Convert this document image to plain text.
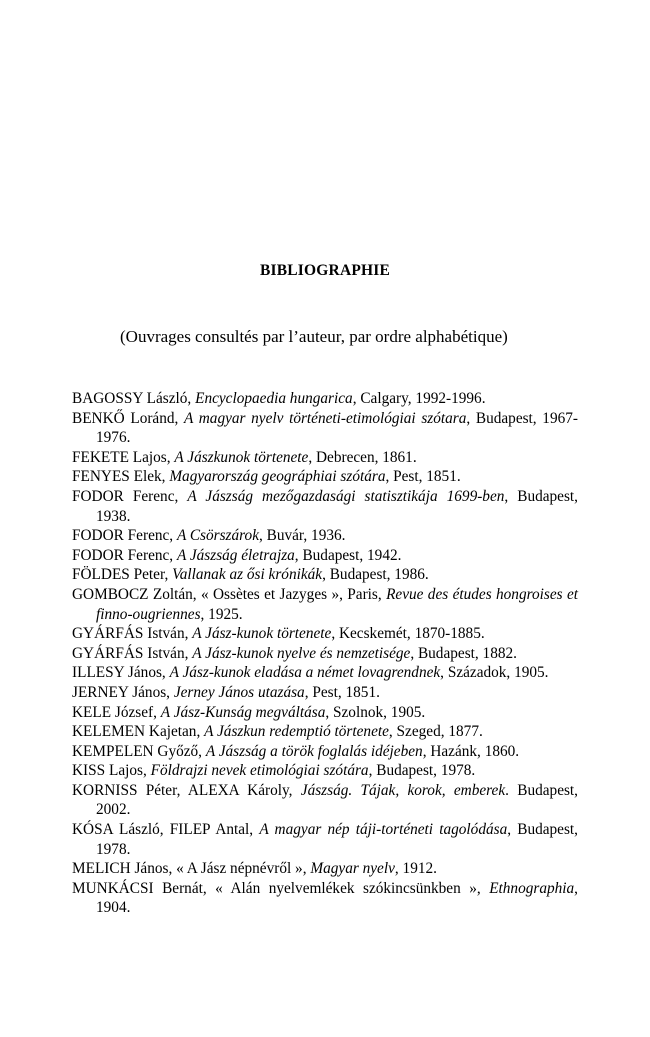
BIBLIOGRAPHIE
(Ouvrages consultés par l’auteur, par ordre alphabétique)
BAGOSSY László, Encyclopaedia hungarica, Calgary, 1992-1996.
BENKŐ Loránd, A magyar nyelv történeti-etimológiai szótara, Budapest, 1967-1976.
FEKETE Lajos, A Jászkunok törtenete, Debrecen, 1861.
FENYES Elek, Magyarország geográphiai szótára, Pest, 1851.
FODOR Ferenc, A Jászság mezőgazdasági statisztikája 1699-ben, Budapest, 1938.
FODOR Ferenc, A Csörszárok, Buvár, 1936.
FODOR Ferenc, A Jászság életrajza, Budapest, 1942.
FÖLDES Peter, Vallanak az ősi krónikák, Budapest, 1986.
GOMBOCZ Zoltán, « Ossètes et Jazyges », Paris, Revue des études hongroises et finno-ougriennes, 1925.
GYÁRFÁS István, A Jász-kunok törtenete, Kecskemét, 1870-1885.
GYÁRFÁS István, A Jász-kunok nyelve és nemzetisége, Budapest, 1882.
ILLESY János, A Jász-kunok eladása a német lovagrendnek, Századok, 1905.
JERNEY János, Jerney János utazása, Pest, 1851.
KELE József, A Jász-Kunság megváltása, Szolnok, 1905.
KELEMEN Kajetan, A Jászkun redemptió törtenete, Szeged, 1877.
KEMPELEN Győző, A Jászság a török foglalás idéjeben, Hazánk, 1860.
KISS Lajos, Földrajzi nevek etimológiai szótára, Budapest, 1978.
KORNISS Péter, ALEXA Károly, Jászság. Tájak, korok, emberek. Budapest, 2002.
KÓSA László, FILEP Antal, A magyar nép táji-torténeti tagolódása, Budapest, 1978.
MELICH János, « A Jász népnévről », Magyar nyelv, 1912.
MUNKÁCSI Bernát, « Alán nyelvemlékek szókincsünkben », Ethnographia, 1904.
